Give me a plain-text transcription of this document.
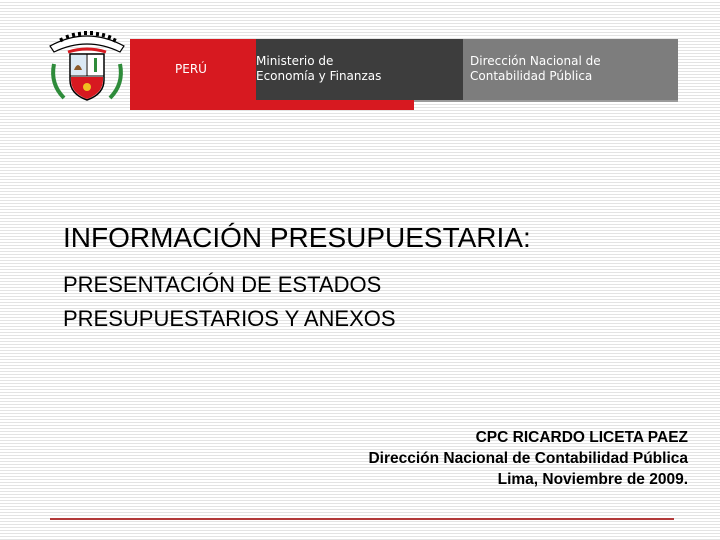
PERÚ
Ministerio de
Economía y Finanzas
Dirección Nacional de
Contabilidad Pública
INFORMACIÓN PRESUPUESTARIA:
PRESENTACIÓN DE ESTADOS
PRESUPUESTARIOS Y ANEXOS
CPC RICARDO LICETA PAEZ
Dirección Nacional de Contabilidad Pública
Lima, Noviembre de 2009.
